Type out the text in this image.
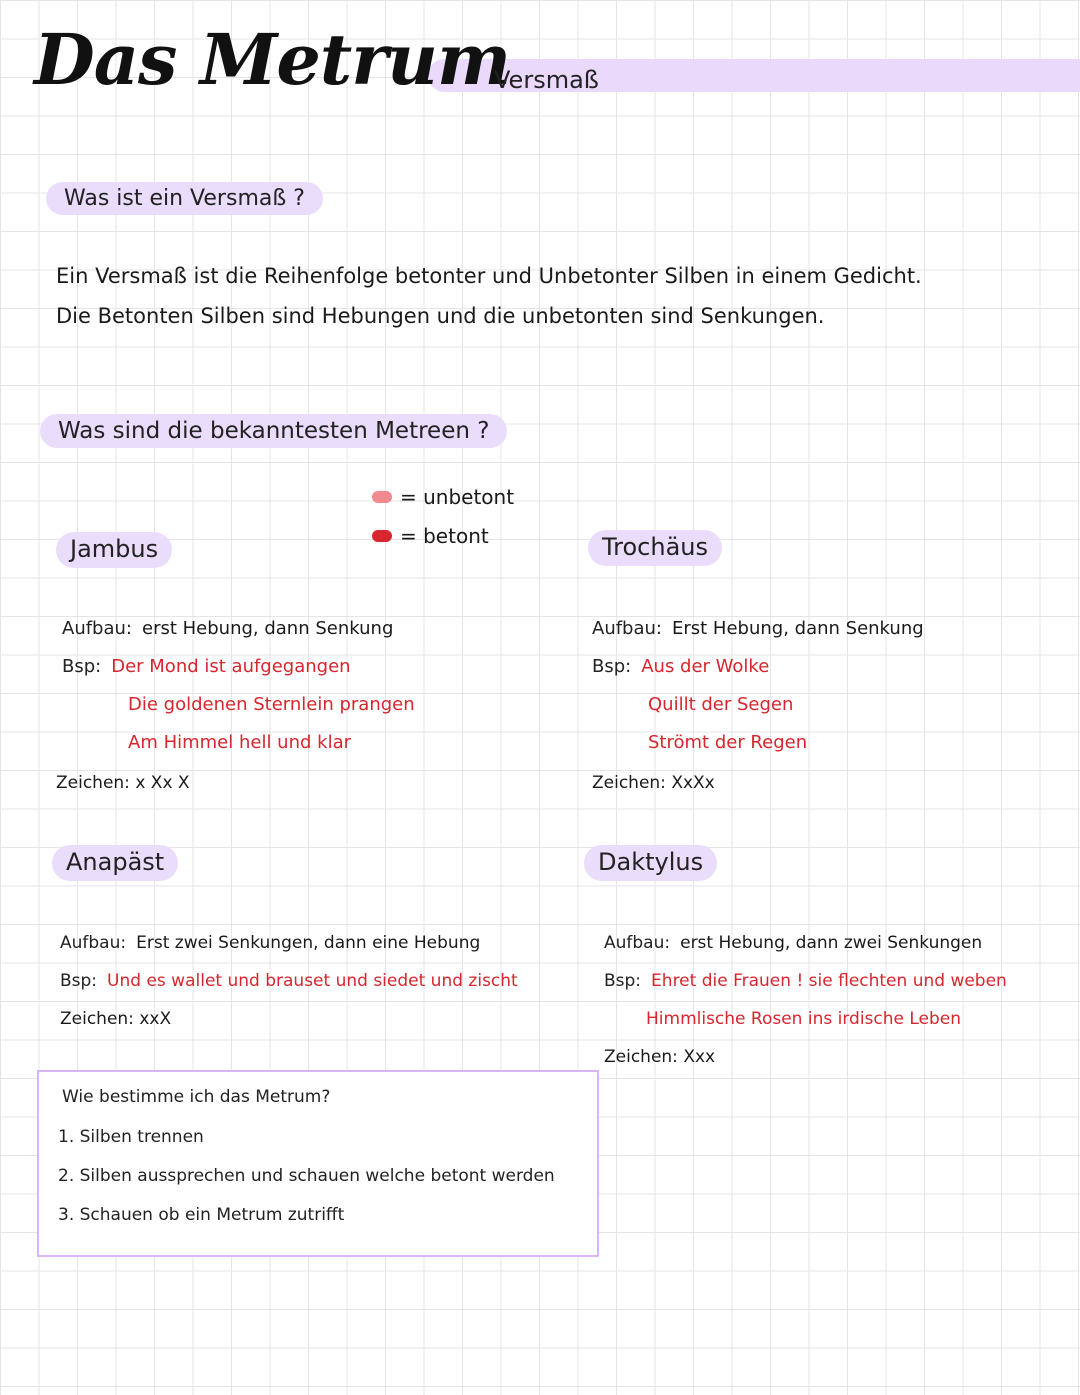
Das Metrum
Versmaß
Was ist ein Versmaß ?
Ein Versmaß ist die Reihenfolge betonter und Unbetonter Silben in einem Gedicht.
Die Betonten Silben sind Hebungen und die unbetonten sind Senkungen.
Was sind die bekanntesten Metreen ?
= unbetont
= betont
Jambus
Aufbau: erst Hebung, dann Senkung
Bsp: Der Mond ist aufgegangen
Die goldenen Sternlein prangen
Am Himmel hell und klar
Zeichen: x Xx X
Trochäus
Aufbau: Erst Hebung, dann Senkung
Bsp: Aus der Wolke
Quillt der Segen
Strömt der Regen
Zeichen: XxXx
Anapäst
Aufbau: Erst zwei Senkungen, dann eine Hebung
Bsp: Und es wallet und brauset und siedet und zischt
Zeichen: xxX
Daktylus
Aufbau: erst Hebung, dann zwei Senkungen
Bsp: Ehret die Frauen ! sie flechten und weben
Himmlische Rosen ins irdische Leben
Zeichen: Xxx
Wie bestimme ich das Metrum?
1. Silben trennen
2. Silben aussprechen und schauen welche betont werden
3. Schauen ob ein Metrum zutrifft
